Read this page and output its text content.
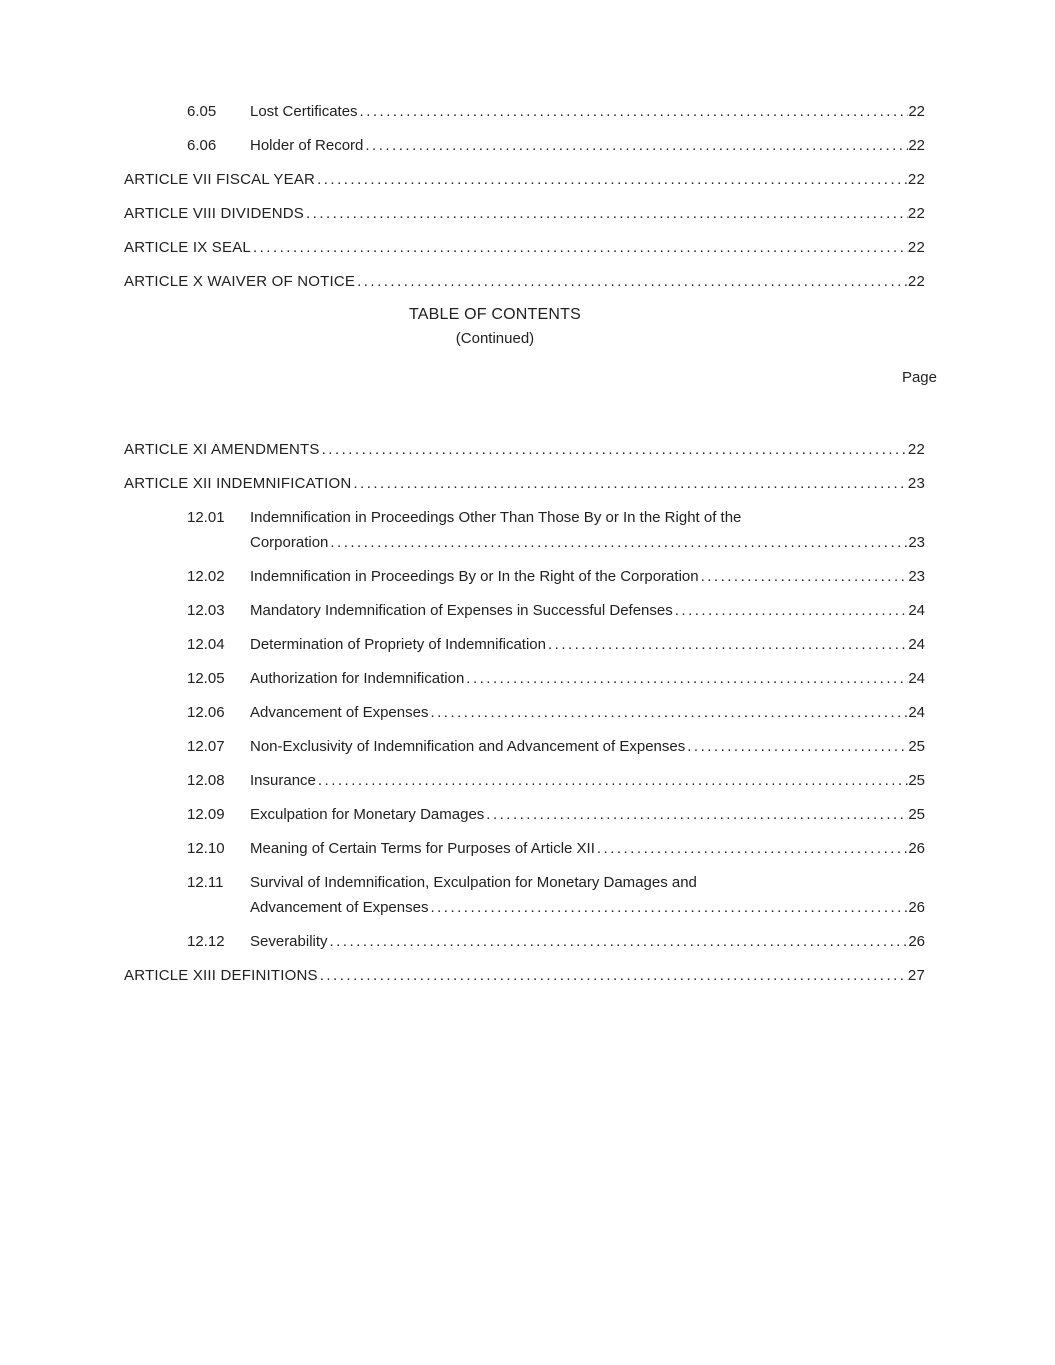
6.05	Lost Certificates .....	22
6.06	Holder of Record .....	22
ARTICLE VII FISCAL YEAR .....	22
ARTICLE VIII DIVIDENDS .....	22
ARTICLE IX SEAL .....	22
ARTICLE X WAIVER OF NOTICE .....	22
TABLE OF CONTENTS
(Continued)
Page
ARTICLE XI AMENDMENTS .....	22
ARTICLE XII INDEMNIFICATION .....	23
12.01	Indemnification in Proceedings Other Than Those By or In the Right of the
Corporation .....	23
12.02	Indemnification in Proceedings By or In the Right of the Corporation .....	23
12.03	Mandatory Indemnification of Expenses in Successful Defenses .....	24
12.04	Determination of Propriety of Indemnification .....	24
12.05	Authorization for Indemnification .....	24
12.06	Advancement of Expenses .....	24
12.07	Non-Exclusivity of Indemnification and Advancement of Expenses .....	25
12.08	Insurance .....	25
12.09	Exculpation for Monetary Damages .....	25
12.10	Meaning of Certain Terms for Purposes of Article XII .....	26
12.11	Survival of Indemnification, Exculpation for Monetary Damages and
Advancement of Expenses .....	26
12.12	Severability .....	26
ARTICLE XIII DEFINITIONS .....	27
